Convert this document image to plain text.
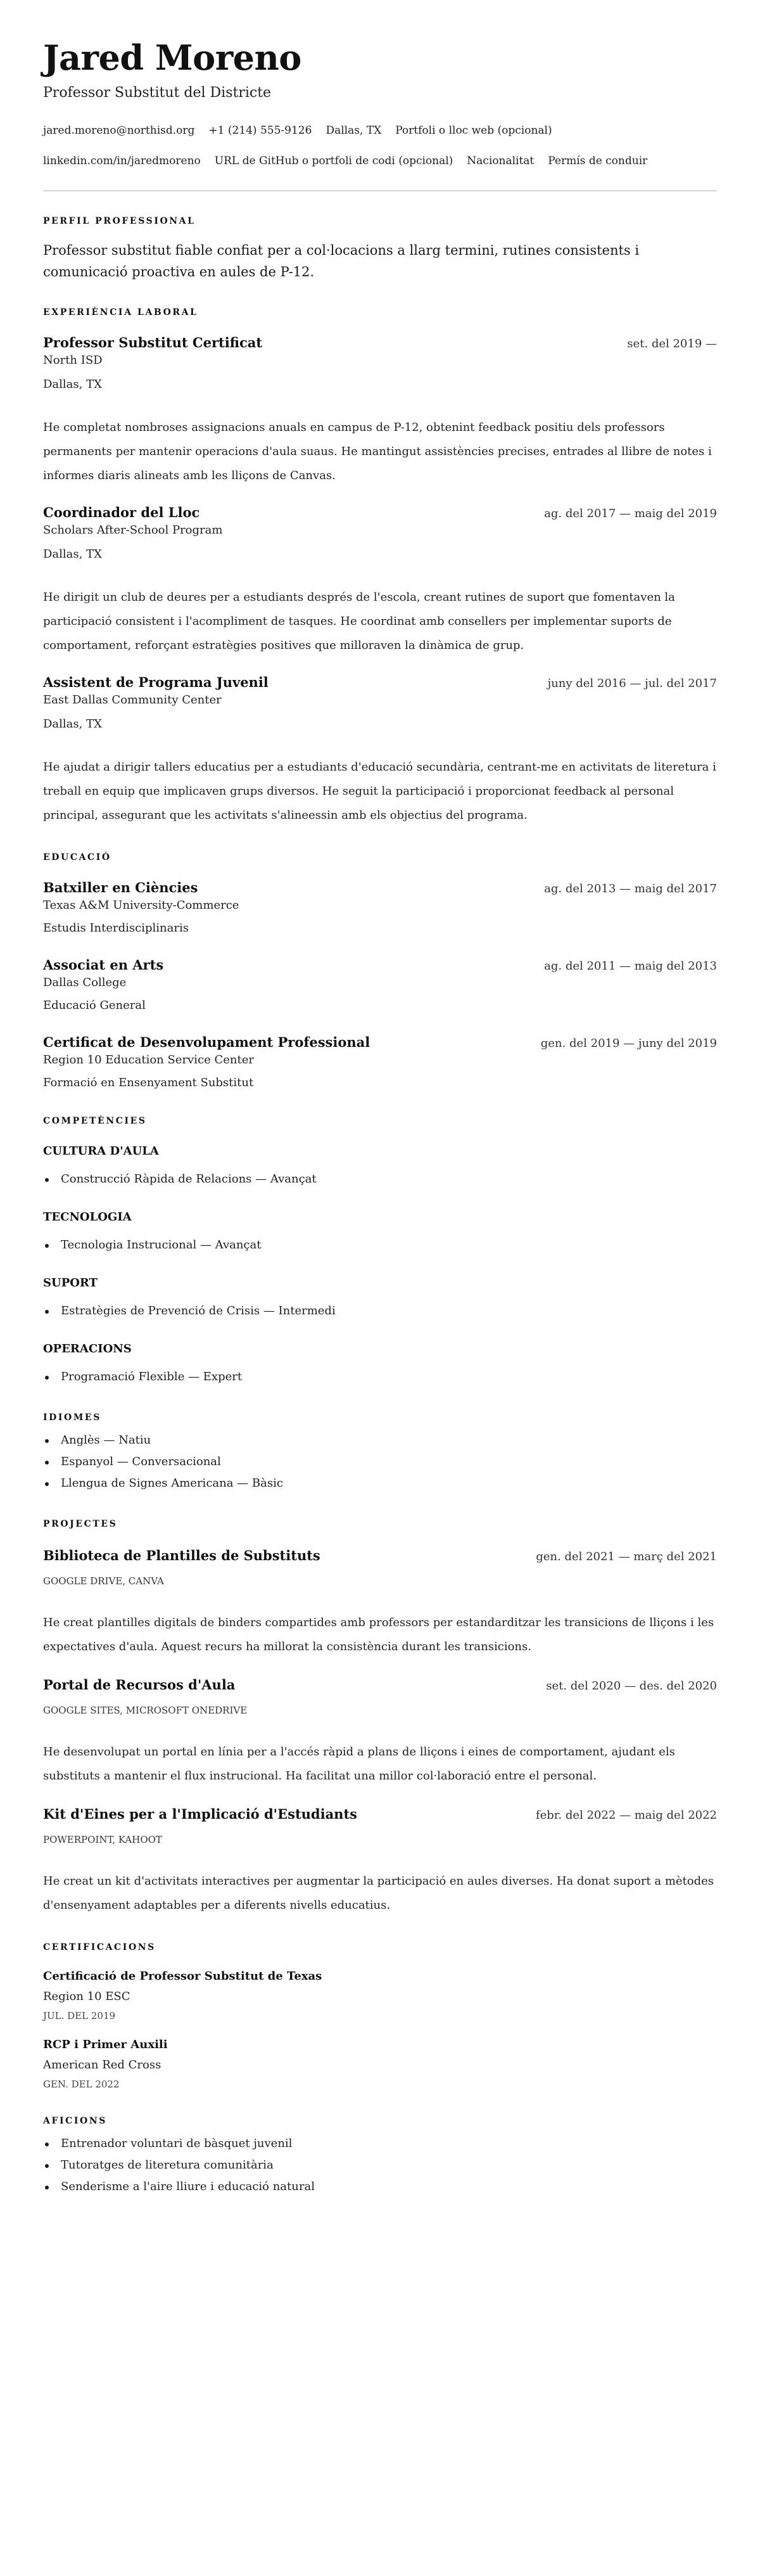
Jared Moreno
Professor Substitut del Districte
jared.moreno@northisd.org +1 (214) 555-9126 Dallas, TX Portfoli o lloc web (opcional)
linkedin.com/in/jaredmoreno URL de GitHub o portfoli de codi (opcional) Nacionalitat Permís de conduir
PERFIL PROFESSIONAL

Professor substitut fiable confiat per a col·locacions a llarg termini, rutines consistents i comunicació proactiva en aules de P-12.

EXPERIÈNCIA LABORAL
Professor Substitut Certificat	set. del 2019 —
North ISD
Dallas, TX

He completat nombroses assignacions anuals en campus de P-12, obtenint feedback positiu dels professors permanents per mantenir operacions d'aula suaus. He mantingut assistències precises, entrades al llibre de notes i informes diaris alineats amb les lliçons de Canvas.

Coordinador del Lloc	ag. del 2017 — maig del 2019
Scholars After-School Program
Dallas, TX

He dirigit un club de deures per a estudiants després de l'escola, creant rutines de suport que fomentaven la participació consistent i l'acompliment de tasques. He coordinat amb consellers per implementar suports de comportament, reforçant estratègies positives que milloraven la dinàmica de grup.

Assistent de Programa Juvenil	juny del 2016 — jul. del 2017
East Dallas Community Center
Dallas, TX

He ajudat a dirigir tallers educatius per a estudiants d'educació secundària, centrant-me en activitats de literetura i treball en equip que implicaven grups diversos. He seguit la participació i proporcionat feedback al personal principal, assegurant que les activitats s'alineessin amb els objectius del programa.

EDUCACIÓ
Batxiller en Ciències	ag. del 2013 — maig del 2017
Texas A&M University-Commerce
Estudis Interdisciplinaris
Associat en Arts	ag. del 2011 — maig del 2013
Dallas College
Educació General
Certificat de Desenvolupament Professional	gen. del 2019 — juny del 2019
Region 10 Education Service Center
Formació en Ensenyament Substitut
COMPETÈNCIES
CULTURA D'AULA
Construcció Ràpida de Relacions — Avançat
TECNOLOGIA
Tecnologia Instrucional — Avançat
SUPORT
Estratègies de Prevenció de Crisis — Intermedi
OPERACIONS
Programació Flexible — Expert
IDIOMES
Anglès — Natiu
Espanyol — Conversacional
Llengua de Signes Americana — Bàsic
PROJECTES
Biblioteca de Plantilles de Substituts	gen. del 2021 — març del 2021
GOOGLE DRIVE, CANVA

He creat plantilles digitals de binders compartides amb professors per estandarditzar les transicions de lliçons i les expectatives d'aula. Aquest recurs ha millorat la consistència durant les transicions.

Portal de Recursos d'Aula	set. del 2020 — des. del 2020
GOOGLE SITES, MICROSOFT ONEDRIVE

He desenvolupat un portal en línia per a l'accés ràpid a plans de lliçons i eines de comportament, ajudant els substituts a mantenir el flux instrucional. Ha facilitat una millor col·laboració entre el personal.

Kit d'Eines per a l'Implicació d'Estudiants	febr. del 2022 — maig del 2022
POWERPOINT, KAHOOT

He creat un kit d'activitats interactives per augmentar la participació en aules diverses. Ha donat suport a mètodes d'ensenyament adaptables per a diferents nivells educatius.

CERTIFICACIONS
Certificació de Professor Substitut de Texas
Region 10 ESC
JUL. DEL 2019
RCP i Primer Auxili
American Red Cross
GEN. DEL 2022
AFICIONS
Entrenador voluntari de bàsquet juvenil
Tutoratges de literetura comunitària
Senderisme a l'aire lliure i educació natural
